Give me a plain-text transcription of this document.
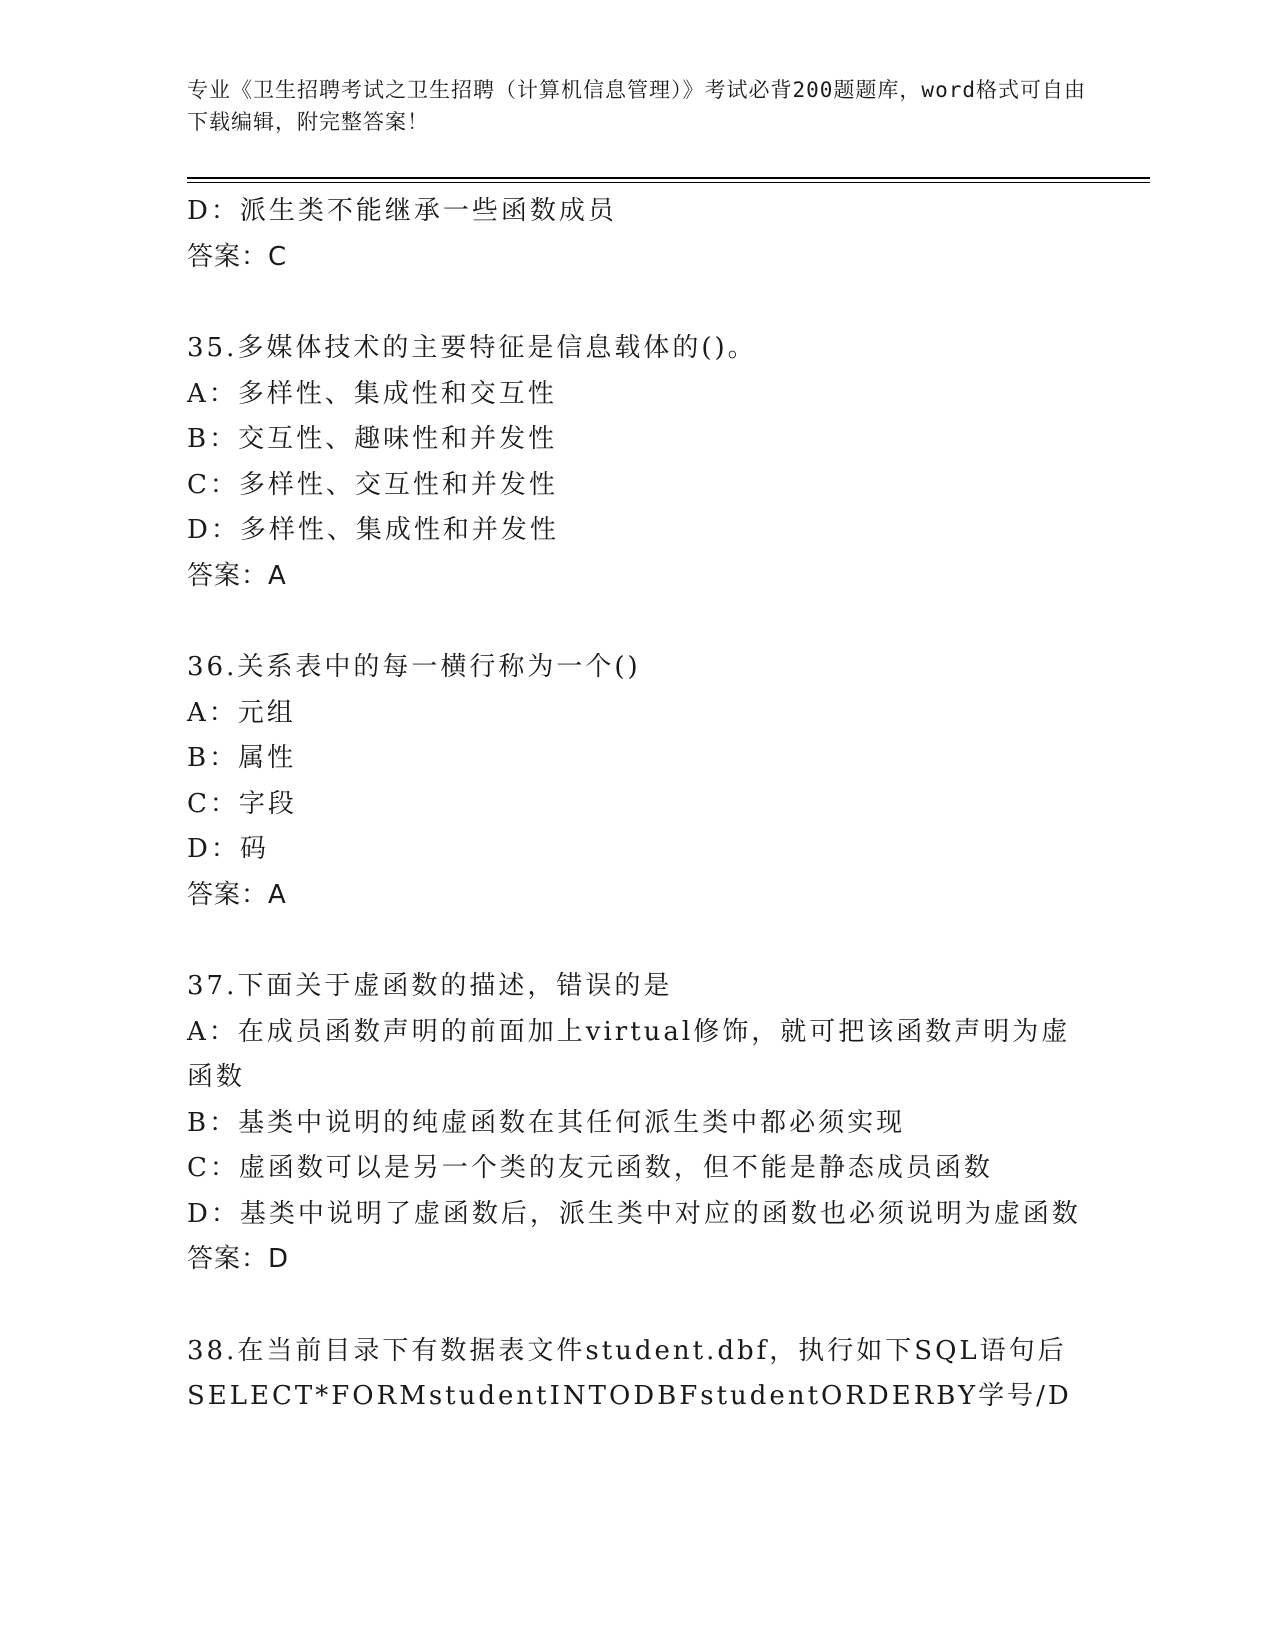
专业《卫生招聘考试之卫生招聘（计算机信息管理）》考试必背200题题库，word格式可自由下载编辑，附完整答案！
D：派生类不能继承一些函数成员
答案：C
35.多媒体技术的主要特征是信息载体的()。
A：多样性、集成性和交互性
B：交互性、趣味性和并发性
C：多样性、交互性和并发性
D：多样性、集成性和并发性
答案：A
36.关系表中的每一横行称为一个()
A：元组
B：属性
C：字段
D：码
答案：A
37.下面关于虚函数的描述，错误的是
A：在成员函数声明的前面加上virtual修饰，就可把该函数声明为虚函数
B：基类中说明的纯虚函数在其任何派生类中都必须实现
C：虚函数可以是另一个类的友元函数，但不能是静态成员函数
D：基类中说明了虚函数后，派生类中对应的函数也必须说明为虚函数
答案：D
38.在当前目录下有数据表文件student.dbf，执行如下SQL语句后
SELECT*FORMstudentINTODBFstudentORDERBY学号/D
